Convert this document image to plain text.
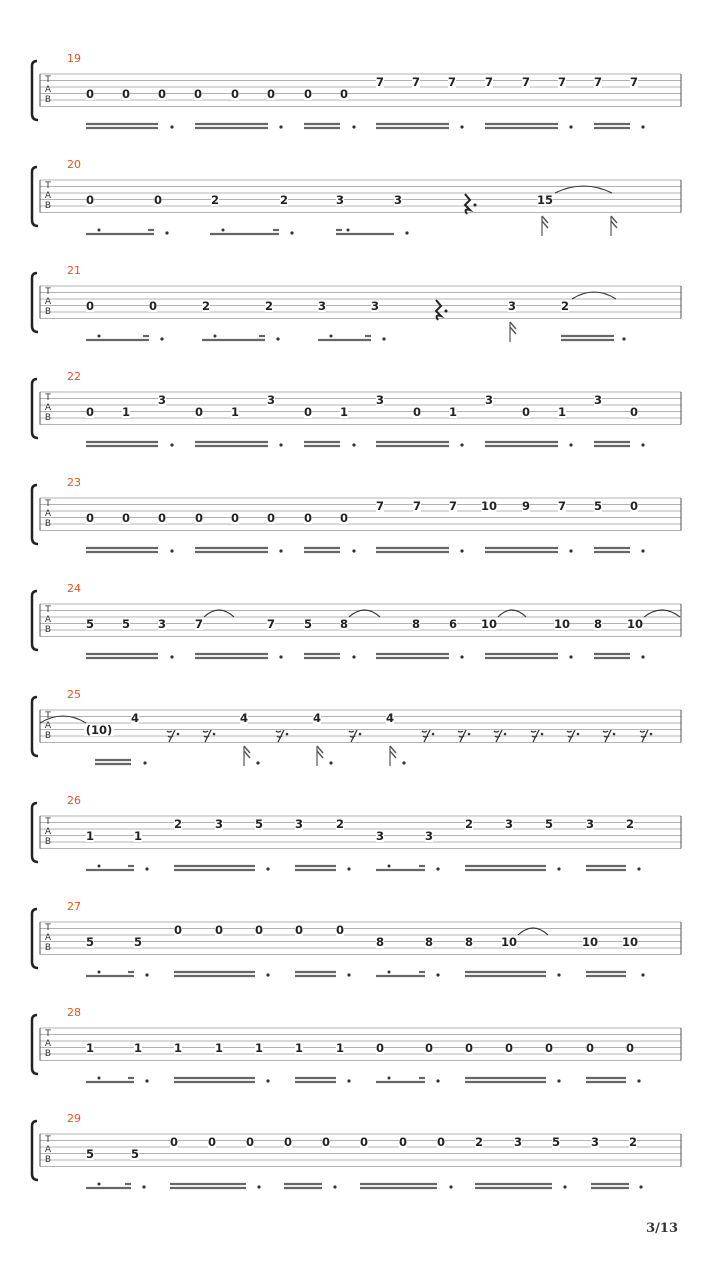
T
A
B
19
0 0 0 0	0 0	0 0
7 7 7	7	7 7 7 7
T
A
B
20
0	0	2	2	3	3	15
T
A
B
21
0	0	2	2	3	3	3	2
T
A
B
22
0 1
3
0 1
3
0 1
3
0 1
3
0 1
3
0
T
A
B
23
0 0 0	0 0 0	0 0
7	7 7 10 9 7 5 0
T
A
B
24
5 5 3	7	7	5 8	8	6 10	10 8 10
T
A
B
25
(10)
4	4	4	4
T
A
B
26
1	1
2	3	5	3	2
3	3
2	3	5	3	2
T
A
B
27
5	5
0	0	0	0	0
8	8	8 10	10 10
T
A
B
28
1	1	1	1	1	1	1	0	0	0	0	0	0	0
T
A
B
29
5	5
0	0	0	0	0	0	0	0	2	3	5	3	2
3/13
